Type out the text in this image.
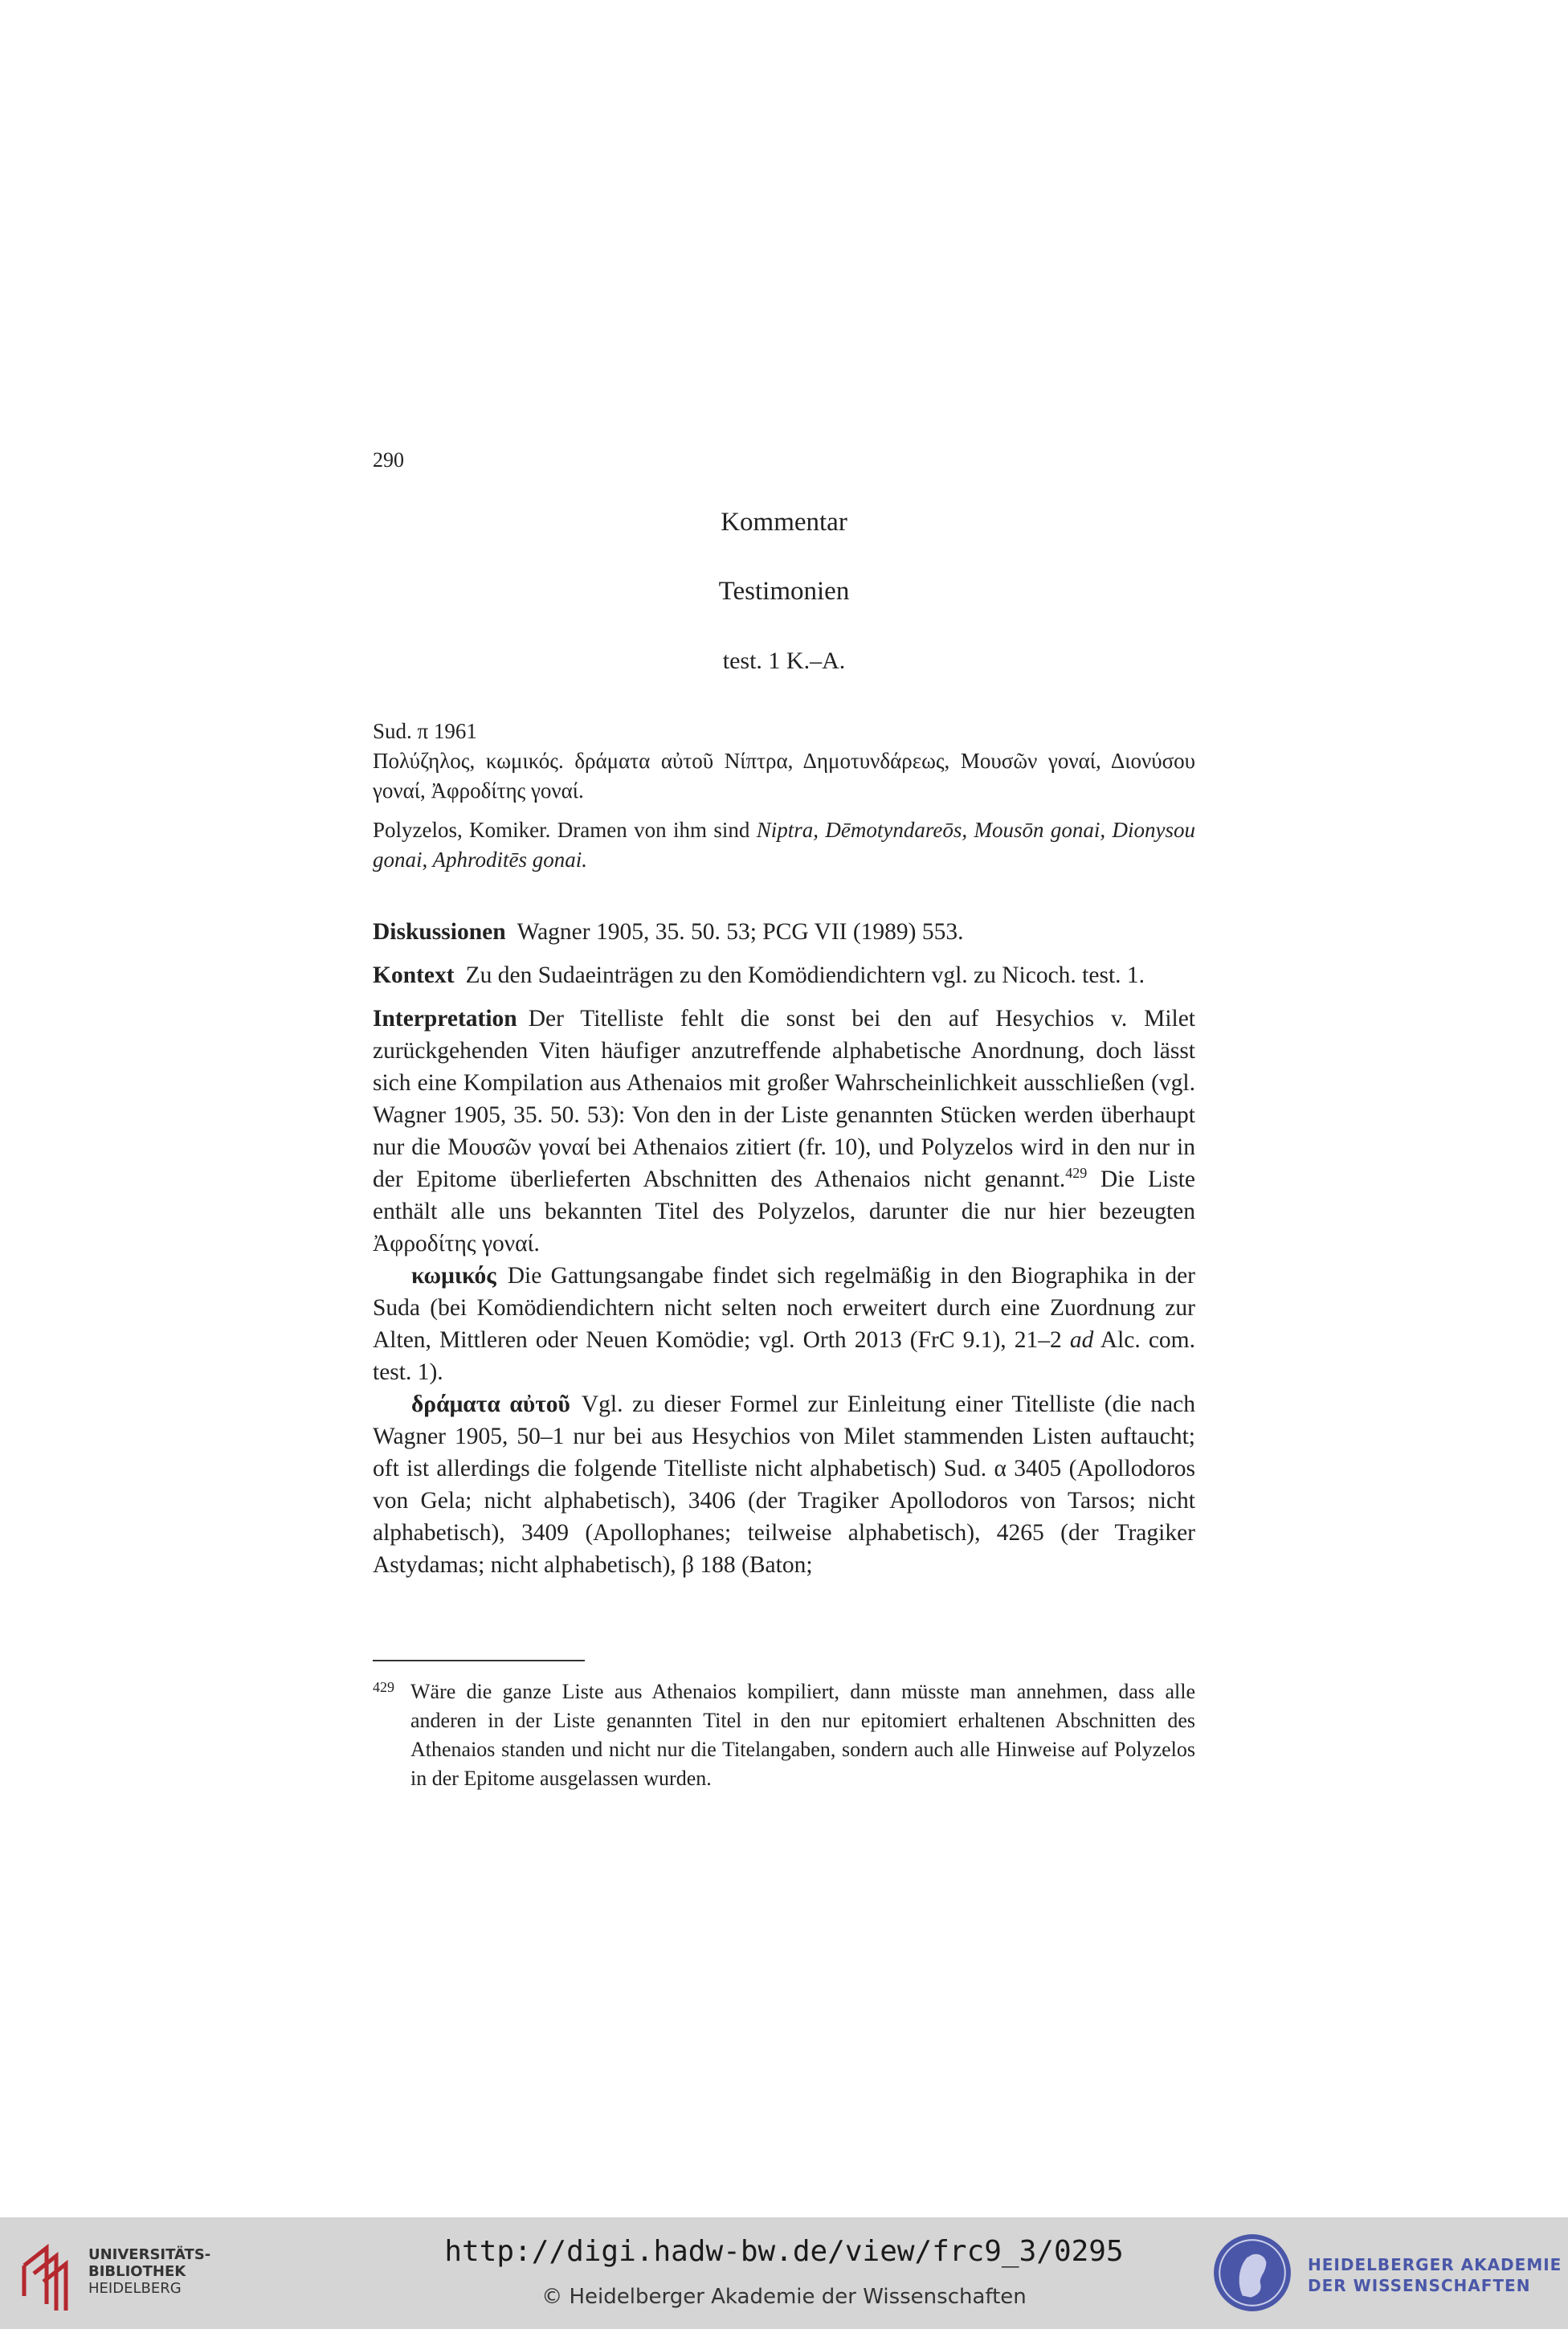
290
Kommentar
Testimonien
test. 1 K.–A.
Sud. π 1961
Πολύζηλος, κωμικός. δράματα αὐτοῦ Νίπτρα, Δημοτυνδάρεως, Μουσῶν γοναί, Διονύσου γοναί, Ἀφροδίτης γοναί.
Polyzelos, Komiker. Dramen von ihm sind Niptra, Dēmotyndareōs, Mousōn gonai, Dionysou gonai, Aphroditēs gonai.

Diskussionen Wagner 1905, 35. 50. 53; PCG VII (1989) 553.

Kontext Zu den Sudaeinträgen zu den Komödiendichtern vgl. zu Nicoch. test. 1.

Interpretation Der Titelliste fehlt die sonst bei den auf Hesychios v. Milet zurückgehenden Viten häufiger anzutreffende alphabetische Anordnung, doch lässt sich eine Kompilation aus Athenaios mit großer Wahrscheinlichkeit ausschließen (vgl. Wagner 1905, 35. 50. 53): Von den in der Liste genannten Stücken werden überhaupt nur die Μουσῶν γοναί bei Athenaios zitiert (fr. 10), und Polyzelos wird in den nur in der Epitome überlieferten Abschnitten des Athenaios nicht genannt.$^{429}$ Die Liste enthält alle uns bekannten Titel des Polyzelos, darunter die nur hier bezeugten Ἀφροδίτης γοναί.

κωμικός Die Gattungsangabe findet sich regelmäßig in den Biographika in der Suda (bei Komödiendichtern nicht selten noch erweitert durch eine Zuordnung zur Alten, Mittleren oder Neuen Komödie; vgl. Orth 2013 (FrC 9.1), 21–2 ad Alc. com. test. 1).

δράματα αὐτοῦ Vgl. zu dieser Formel zur Einleitung einer Titelliste (die nach Wagner 1905, 50–1 nur bei aus Hesychios von Milet stammenden Listen auftaucht; oft ist allerdings die folgende Titelliste nicht alphabetisch) Sud. α 3405 (Apollodoros von Gela; nicht alphabetisch), 3406 (der Tragiker Apollodoros von Tarsos; nicht alphabetisch), 3409 (Apollophanes; teilweise alphabetisch), 4265 (der Tragiker Astydamas; nicht alphabetisch), β 188 (Baton;

429 Wäre die ganze Liste aus Athenaios kompiliert, dann müsste man annehmen, dass alle anderen in der Liste genannten Titel in den nur epitomiert erhaltenen Abschnitten des Athenaios standen und nicht nur die Titelangaben, sondern auch alle Hinweise auf Polyzelos in der Epitome ausgelassen wurden.
UNIVERSITÄTS-
BIBLIOTHEK
HEIDELBERG
http://digi.hadw-bw.de/view/frc9_3/0295
© Heidelberger Akademie der Wissenschaften
HEIDELBERGER AKADEMIE
DER WISSENSCHAFTEN
